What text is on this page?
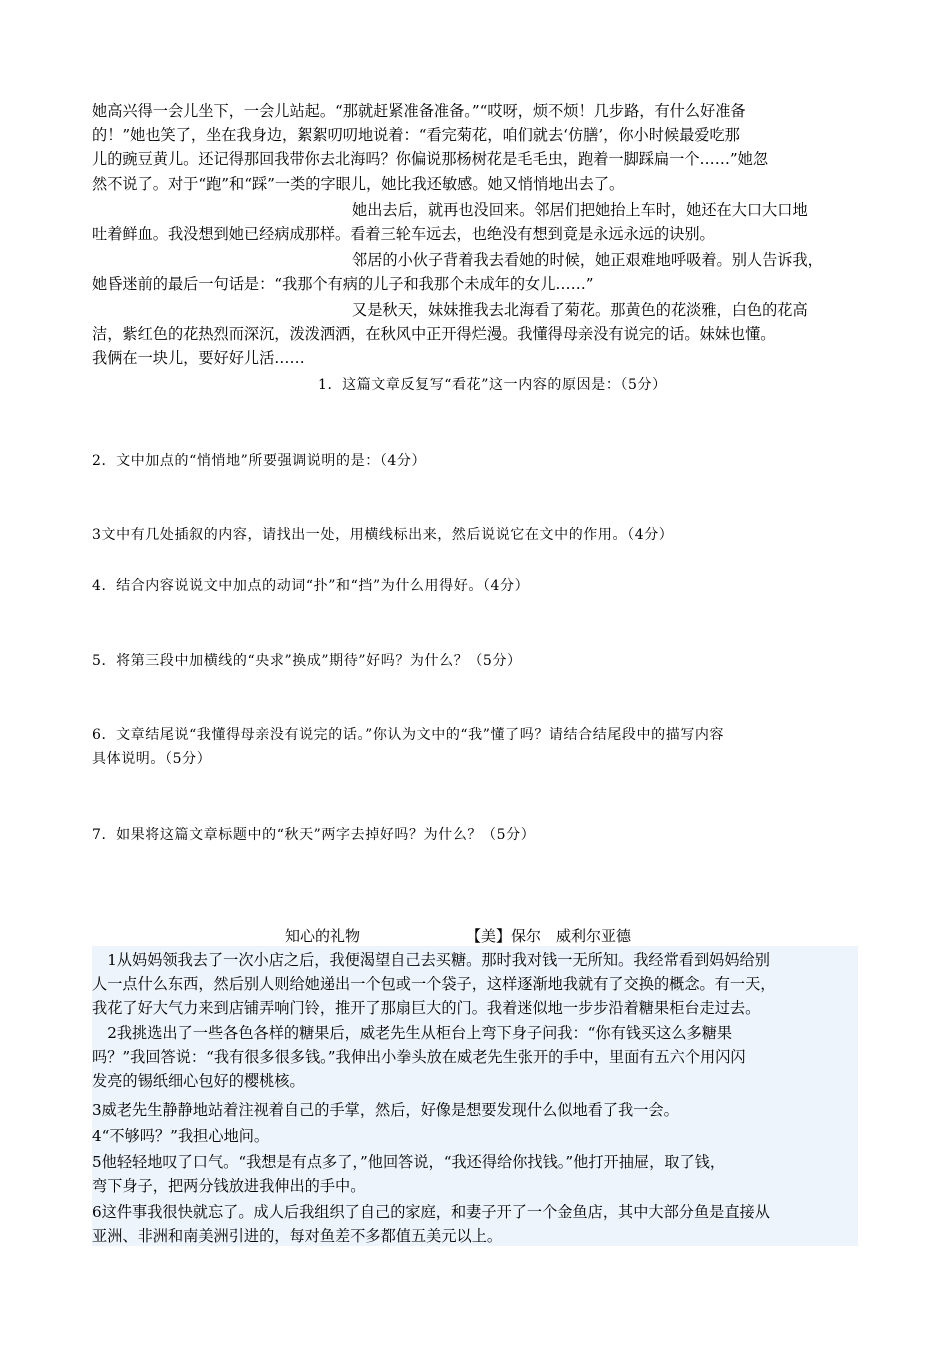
她高兴得一会儿坐下，一会儿站起。“那就赶紧准备准备。”“哎呀，烦不烦！几步路，有什么好准备
的！”她也笑了，坐在我身边，絮絮叨叨地说着：“看完菊花，咱们就去‘仿膳’，你小时候最爱吃那
儿的豌豆黄儿。还记得那回我带你去北海吗？你偏说那杨树花是毛毛虫，跑着一脚踩扁一个……”她忽
然不说了。对于“跑”和“踩”一类的字眼儿，她比我还敏感。她又悄悄地出去了。
她出去后，就再也没回来。邻居们把她抬上车时，她还在大口大口地
吐着鲜血。我没想到她已经病成那样。看着三轮车远去，也绝没有想到竟是永远永远的诀别。
邻居的小伙子背着我去看她的时候，她正艰难地呼吸着。别人告诉我，
她昏迷前的最后一句话是：“我那个有病的儿子和我那个未成年的女儿……”
又是秋天，妹妹推我去北海看了菊花。那黄色的花淡雅，白色的花高
洁，紫红色的花热烈而深沉，泼泼洒洒，在秋风中正开得烂漫。我懂得母亲没有说完的话。妹妹也懂。
我俩在一块儿，要好好儿活……
1．这篇文章反复写“看花”这一内容的原因是：（5分）
2．文中加点的“悄悄地”所要强调说明的是：（4分）
3文中有几处插叙的内容，请找出一处，用横线标出来，然后说说它在文中的作用。（4分）
4．结合内容说说文中加点的动词“扑”和“挡”为什么用得好。（4分）
5．将第三段中加横线的“央求”换成”期待”好吗？为什么？（5分）
6．文章结尾说“我懂得母亲没有说完的话。”你认为文中的“我”懂了吗？请结合结尾段中的描写内容
具体说明。（5分）
7．如果将这篇文章标题中的“秋天”两字去掉好吗？为什么？（5分）
知心的礼物	【美】保尔　威利尔亚德
　1从妈妈领我去了一次小店之后，我便渴望自己去买糖。那时我对钱一无所知。我经常看到妈妈给别
人一点什么东西，然后别人则给她递出一个包或一个袋子，这样逐渐地我就有了交换的概念。有一天，
我花了好大气力来到店铺弄响门铃，推开了那扇巨大的门。我着迷似地一步步沿着糖果柜台走过去。
　2我挑选出了一些各色各样的糖果后，威老先生从柜台上弯下身子问我：“你有钱买这么多糖果
吗？”我回答说：“我有很多很多钱。”我伸出小拳头放在威老先生张开的手中，里面有五六个用闪闪
发亮的锡纸细心包好的樱桃核。
3威老先生静静地站着注视着自己的手掌，然后，好像是想要发现什么似地看了我一会。
4“不够吗？”我担心地问。
5他轻轻地叹了口气。“我想是有点多了，”他回答说，“我还得给你找钱。”他打开抽屉，取了钱，
弯下身子，把两分钱放进我伸出的手中。
6这件事我很快就忘了。成人后我组织了自己的家庭，和妻子开了一个金鱼店，其中大部分鱼是直接从
亚洲、非洲和南美洲引进的，每对鱼差不多都值五美元以上。
